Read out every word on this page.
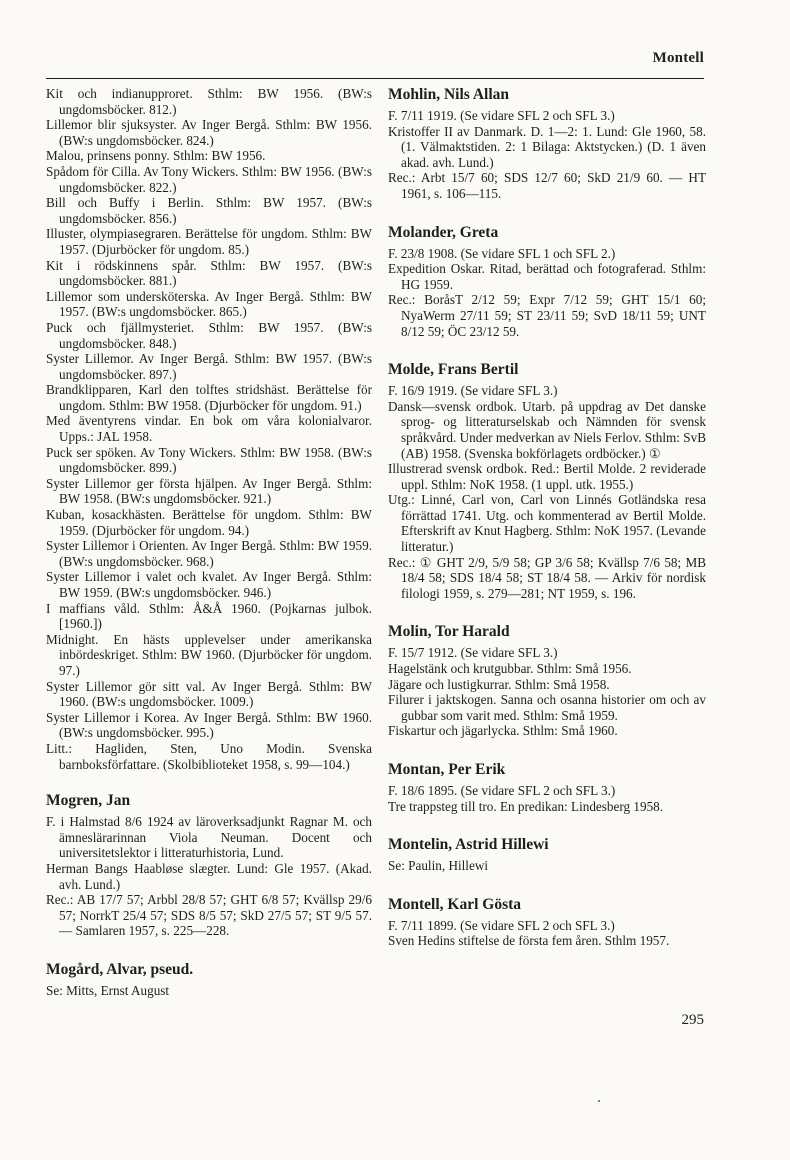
Montell

Kit och indianupproret. Sthlm: BW 1956. (BW:s ungdomsböcker. 812.)

Lillemor blir sjuksyster. Av Inger Bergå. Sthlm: BW 1956. (BW:s ungdomsböcker. 824.)

Malou, prinsens ponny. Sthlm: BW 1956.

Spådom för Cilla. Av Tony Wickers. Sthlm: BW 1956. (BW:s ungdomsböcker. 822.)

Bill och Buffy i Berlin. Sthlm: BW 1957. (BW:s ungdomsböcker. 856.)

Illuster, olympiasegraren. Berättelse för ungdom. Sthlm: BW 1957. (Djurböcker för ungdom. 85.)

Kit i rödskinnens spår. Sthlm: BW 1957. (BW:s ungdomsböcker. 881.)

Lillemor som undersköterska. Av Inger Bergå. Sthlm: BW 1957. (BW:s ungdomsböcker. 865.)

Puck och fjällmysteriet. Sthlm: BW 1957. (BW:s ungdomsböcker. 848.)

Syster Lillemor. Av Inger Bergå. Sthlm: BW 1957. (BW:s ungdomsböcker. 897.)

Brandklipparen, Karl den tolftes stridshäst. Berättelse för ungdom. Sthlm: BW 1958. (Djurböcker för ungdom. 91.)

Med äventyrens vindar. En bok om våra kolonialvaror. Upps.: JAL 1958.

Puck ser spöken. Av Tony Wickers. Sthlm: BW 1958. (BW:s ungdomsböcker. 899.)

Syster Lillemor ger första hjälpen. Av Inger Bergå. Sthlm: BW 1958. (BW:s ungdomsböcker. 921.)

Kuban, kosackhästen. Berättelse för ungdom. Sthlm: BW 1959. (Djurböcker för ungdom. 94.)

Syster Lillemor i Orienten. Av Inger Bergå. Sthlm: BW 1959. (BW:s ungdomsböcker. 968.)

Syster Lillemor i valet och kvalet. Av Inger Bergå. Sthlm: BW 1959. (BW:s ungdomsböcker. 946.)

I maffians våld. Sthlm: Å&Å 1960. (Pojkarnas julbok. [1960.])

Midnight. En hästs upplevelser under amerikanska inbördeskriget. Sthlm: BW 1960. (Djurböcker för ungdom. 97.)

Syster Lillemor gör sitt val. Av Inger Bergå. Sthlm: BW 1960. (BW:s ungdomsböcker. 1009.)

Syster Lillemor i Korea. Av Inger Bergå. Sthlm: BW 1960. (BW:s ungdomsböcker. 995.)

Litt.: Hagliden, Sten, Uno Modin. Svenska barnboksförfattare. (Skolbiblioteket 1958, s. 99—104.)

Mogren, Jan

F. i Halmstad 8/6 1924 av läroverksadjunkt Ragnar M. och ämneslärarinnan Viola Neuman. Docent och universitetslektor i litteraturhistoria, Lund.

Herman Bangs Haabløse slægter. Lund: Gle 1957. (Akad. avh. Lund.)

Rec.: AB 17/7 57; Arbbl 28/8 57; GHT 6/8 57; Kvällsp 29/6 57; NorrkT 25/4 57; SDS 8/5 57; SkD 27/5 57; ST 9/5 57. — Samlaren 1957, s. 225—228.

Mogård, Alvar, pseud.

Se: Mitts, Ernst August

Mohlin, Nils Allan

F. 7/11 1919. (Se vidare SFL 2 och SFL 3.)

Kristoffer II av Danmark. D. 1—2: 1. Lund: Gle 1960, 58. (1. Välmaktstiden. 2: 1 Bilaga: Aktstycken.) (D. 1 även akad. avh. Lund.)

Rec.: Arbt 15/7 60; SDS 12/7 60; SkD 21/9 60. — HT 1961, s. 106—115.

Molander, Greta

F. 23/8 1908. (Se vidare SFL 1 och SFL 2.)

Expedition Oskar. Ritad, berättad och fotograferad. Sthlm: HG 1959.

Rec.: BoråsT 2/12 59; Expr 7/12 59; GHT 15/1 60; NyaWerm 27/11 59; ST 23/11 59; SvD 18/11 59; UNT 8/12 59; ÖC 23/12 59.

Molde, Frans Bertil

F. 16/9 1919. (Se vidare SFL 3.)

Dansk—svensk ordbok. Utarb. på uppdrag av Det danske sprog- og litteraturselskab och Nämnden för svensk språkvård. Under medverkan av Niels Ferlov. Sthlm: SvB (AB) 1958. (Svenska bokförlagets ordböcker.) ①

Illustrerad svensk ordbok. Red.: Bertil Molde. 2 reviderade uppl. Sthlm: NoK 1958. (1 uppl. utk. 1955.)

Utg.: Linné, Carl von, Carl von Linnés Gotländska resa förrättad 1741. Utg. och kommenterad av Bertil Molde. Efterskrift av Knut Hagberg. Sthlm: NoK 1957. (Levande litteratur.)

Rec.: ① GHT 2/9, 5/9 58; GP 3/6 58; Kvällsp 7/6 58; MB 18/4 58; SDS 18/4 58; ST 18/4 58. — Arkiv för nordisk filologi 1959, s. 279—281; NT 1959, s. 196.

Molin, Tor Harald

F. 15/7 1912. (Se vidare SFL 3.)

Hagelstänk och krutgubbar. Sthlm: Små 1956.

Jägare och lustigkurrar. Sthlm: Små 1958.

Filurer i jaktskogen. Sanna och osanna historier om och av gubbar som varit med. Sthlm: Små 1959.

Fiskartur och jägarlycka. Sthlm: Små 1960.

Montan, Per Erik

F. 18/6 1895. (Se vidare SFL 2 och SFL 3.)

Tre trappsteg till tro. En predikan: Lindesberg 1958.

Montelin, Astrid Hillewi

Se: Paulin, Hillewi

Montell, Karl Gösta

F. 7/11 1899. (Se vidare SFL 2 och SFL 3.)

Sven Hedins stiftelse de första fem åren. Sthlm 1957.

295
